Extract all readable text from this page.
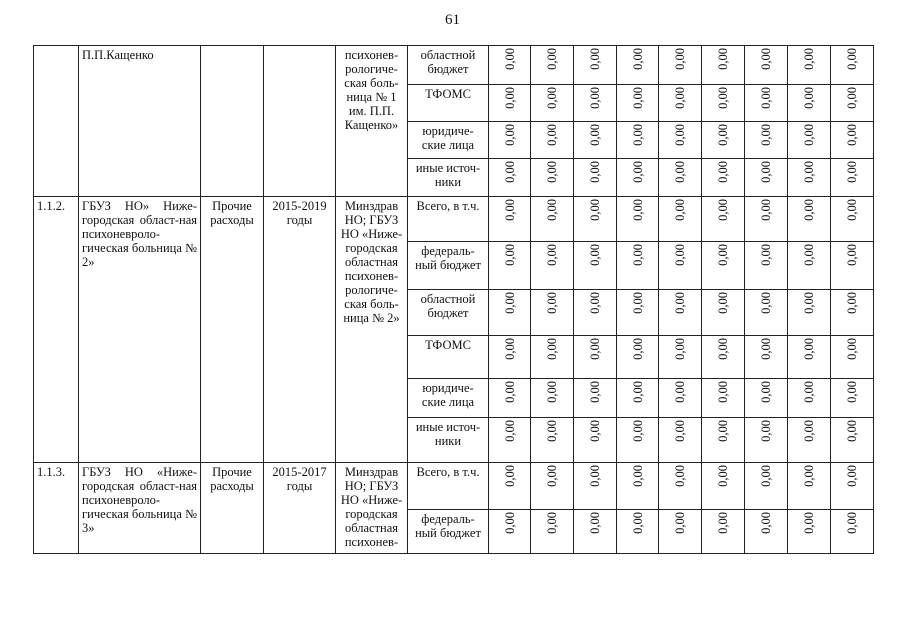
61
	П.П.Кащенко			психонев-рологиче-ская боль-ница № 1 им. П.П. Кащенко»	областной бюджет	0,00	0,00	0,00	0,00	0,00	0,00	0,00	0,00	0,00

					ТФОМС	0,00	0,00	0,00	0,00	0,00	0,00	0,00	0,00	0,00

					юридиче-ские лица	0,00	0,00	0,00	0,00	0,00	0,00	0,00	0,00	0,00

					иные источ-ники	0,00	0,00	0,00	0,00	0,00	0,00	0,00	0,00	0,00

1.1.2.	ГБУЗ НО» Ниже-городская област-ная психоневроло-гическая больница № 2»	Прочие расходы	2015-2019 годы	Минздрав НО; ГБУЗ НО «Ниже-городская областная психонев-рологиче-ская боль-ница № 2»	Всего, в т.ч.	0,00	0,00	0,00	0,00	0,00	0,00	0,00	0,00	0,00

					федераль-ный бюджет	0,00	0,00	0,00	0,00	0,00	0,00	0,00	0,00	0,00

					областной бюджет	0,00	0,00	0,00	0,00	0,00	0,00	0,00	0,00	0,00

					ТФОМС	0,00	0,00	0,00	0,00	0,00	0,00	0,00	0,00	0,00

					юридиче-ские лица	0,00	0,00	0,00	0,00	0,00	0,00	0,00	0,00	0,00

					иные источ-ники	0,00	0,00	0,00	0,00	0,00	0,00	0,00	0,00	0,00

1.1.3.	ГБУЗ НО «Ниже-городская област-ная психоневроло-гическая больница № 3»	Прочие расходы	2015-2017 годы	Минздрав НО; ГБУЗ НО «Ниже-городская областная психонев-	Всего, в т.ч.	0,00	0,00	0,00	0,00	0,00	0,00	0,00	0,00	0,00

					федераль-ный бюджет	0,00	0,00	0,00	0,00	0,00	0,00	0,00	0,00	0,00
